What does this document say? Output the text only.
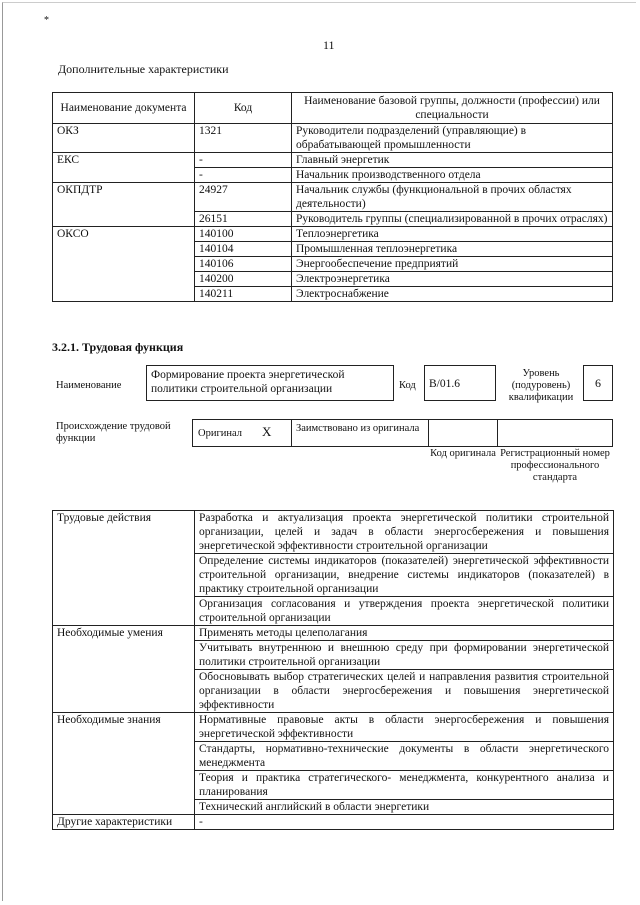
*
11
Дополнительные характеристики
Наименование документа	Код	Наименование базовой группы, должности (профессии) или специальности
ОКЗ	1321	Руководители подразделений (управляющие) в обрабатывающей промышленности
ЕКС	-	Главный энергетик
	-	Начальник производственного отдела
ОКПДТР	24927	Начальник службы (функциональной в прочих областях деятельности)
	26151	Руководитель группы (специализированной в прочих отраслях)
ОКСО	140100	Теплоэнергетика
	140104	Промышленная теплоэнергетика
	140106	Энергообеспечение предприятий
	140200	Электроэнергетика
	140211	Электроснабжение
3.2.1. Трудовая функция
Наименование
Формирование проекта энергетической политики строительной организации	Код	B/01.6
Уровень (подуровень) квалификации
6
Происхождение трудовой функции	Оригинал X	Заимствовано из оригинала
Код оригинала Регистрационный номер профессионального стандарта
Трудовые действия	Разработка и актуализация проекта энергетической политики строительной организации, целей и задач в области энергосбережения и повышения энергетической эффективности строительной организации
	Определение системы индикаторов (показателей) энергетической эффективности строительной организации, внедрение системы индикаторов (показателей) в практику строительной организации
	Организация согласования и утверждения проекта энергетической политики строительной организации
Необходимые умения	Применять методы целеполагания
	Учитывать внутреннюю и внешнюю среду при формировании энергетической политики строительной организации
	Обосновывать выбор стратегических целей и направления развития строительной организации в области энергосбережения и повышения энергетической эффективности
Необходимые знания	Нормативные правовые акты в области энергосбережения и повышения энергетической эффективности
	Стандарты, нормативно-технические документы в области энергетического менеджмента
	Теория и практика стратегического- менеджмента, конкурентного анализа и планирования
	Технический английский в области энергетики
Другие характеристики	-
